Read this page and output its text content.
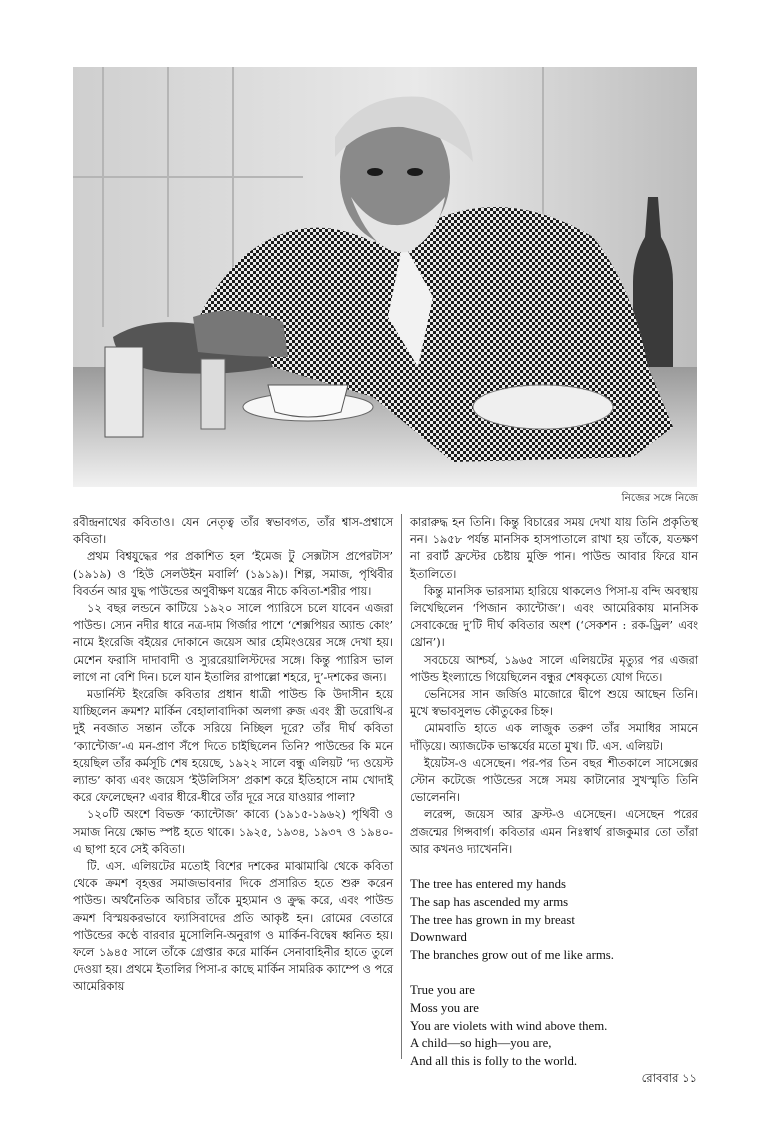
নিজের সঙ্গে নিজে

রবীন্দ্রনাথের কবিতাও। যেন নেতৃত্ব তাঁর স্বভাবগত, তাঁর শ্বাস-প্রশ্বাসে কবিতা।

প্রথম বিশ্বযুদ্ধের পর প্রকাশিত হল ‘ইমেজ টু সেক্সটাস প্রপেরটাস’ (১৯১৯) ও ‘হিউ সেলউইন মবার্লি’ (১৯১৯)। শিল্প, সমাজ, পৃথিবীর বিবর্তন আর যুদ্ধ পাউন্ডের অণুবীক্ষণ যন্ত্রের নীচে কবিতা-শরীর পায়।

১২ বছর লন্ডনে কাটিয়ে ১৯২০ সালে প্যারিসে চলে যাবেন এজরা পাউন্ড। স্যেন নদীর ধারে নত্র-দাম গির্জার পাশে ‘শেক্সপিয়র অ্যান্ড কোং’ নামে ইংরেজি বইয়ের দোকানে জয়েস আর হেমিংওয়ের সঙ্গে দেখা হয়। মেশেন ফরাসি দাদাবাদী ও স্যুররেয়ালিস্টদের সঙ্গে। কিন্তু প্যারিস ভাল লাগে না বেশি দিন। চলে যান ইতালির রাপাল্লো শহরে, দু’-দশকের জন্য।

মডার্নিস্ট ইংরেজি কবিতার প্রধান ধাত্রী পাউন্ড কি উদাসীন হয়ে যাচ্ছিলেন ক্রমশ? মার্কিন বেহালাবাদিকা অলগা রুজ এবং স্ত্রী ডরোথি-র দুই নবজাত সন্তান তাঁকে সরিয়ে নিচ্ছিল দূরে? তাঁর দীর্ঘ কবিতা ‘ক্যান্টোজ’-এ মন-প্রাণ সঁপে দিতে চাইছিলেন তিনি? পাউন্ডের কি মনে হয়েছিল তাঁর কর্মসূচি শেষ হয়েছে, ১৯২২ সালে বন্ধু এলিয়ট ‘দ্য ওয়েস্ট ল্যান্ড’ কাব্য এবং জয়েস ‘ইউলিসিস’ প্রকাশ করে ইতিহাসে নাম খোদাই করে ফেলেছেন? এবার ধীরে-ধীরে তাঁর দূরে সরে যাওয়ার পালা?

১২০টি অংশে বিভক্ত ‘ক্যান্টোজ’ কাব্যে (১৯১৫-১৯৬২) পৃথিবী ও সমাজ নিয়ে ক্ষোভ স্পষ্ট হতে থাকে। ১৯২৫, ১৯৩৪, ১৯৩৭ ও ১৯৪০-এ ছাপা হবে সেই কবিতা।

টি. এস. এলিয়টের মতোই বিশের দশকের মাঝামাঝি থেকে কবিতা থেকে ক্রমশ বৃহত্তর সমাজভাবনার দিকে প্রসারিত হতে শুরু করেন পাউন্ড। অর্থনৈতিক অবিচার তাঁকে মুহ্যমান ও ক্রুদ্ধ করে, এবং পাউন্ড ক্রমশ বিস্ময়করভাবে ফ্যাসিবাদের প্রতি আকৃষ্ট হন। রোমের বেতারে পাউন্ডের কণ্ঠে বারবার মুসোলিনি-অনুরাগ ও মার্কিন-বিদ্বেষ ধ্বনিত হয়। ফলে ১৯৪৫ সালে তাঁকে গ্রেপ্তার করে মার্কিন সেনাবাহিনীর হাতে তুলে দেওয়া হয়। প্রথমে ইতালির পিসা-র কাছে মার্কিন সামরিক ক্যাম্পে ও পরে আমেরিকায়

কারারুদ্ধ হন তিনি। কিন্তু বিচারের সময় দেখা যায় তিনি প্রকৃতিস্থ নন। ১৯৫৮ পর্যন্ত মানসিক হাসপাতালে রাখা হয় তাঁকে, যতক্ষণ না রবার্ট ফ্রস্টের চেষ্টায় মুক্তি পান। পাউন্ড আবার ফিরে যান ইতালিতে।

কিন্তু মানসিক ভারসাম্য হারিয়ে থাকলেও পিসা-য় বন্দি অবস্থায় লিখেছিলেন ‘পিজান ক্যান্টোজ’। এবং আমেরিকায় মানসিক সেবাকেন্দ্রে দু’টি দীর্ঘ কবিতার অংশ (‘সেকশন : রক-ড্রিল’ এবং থ্রোন’)।

সবচেয়ে আশ্চর্য, ১৯৬৫ সালে এলিয়টের মৃত্যুর পর এজরা পাউন্ড ইংল্যান্ডে গিয়েছিলেন বন্ধুর শেষকৃত্যে যোগ দিতে।

ভেনিসের সান জর্জিও মাজোরে দ্বীপে শুয়ে আছেন তিনি। মুখে স্বভাবসুলভ কৌতুকের চিহ্ন।

মোমবাতি হাতে এক লাজুক তরুণ তাঁর সমাধির সামনে দাঁড়িয়ে। অ্যাজটেক ভাস্কর্যের মতো মুখ। টি. এস. এলিয়ট।

ইয়েটস-ও এসেছেন। পর-পর তিন বছর শীতকালে সাসেক্সের স্টোন কটেজে পাউন্ডের সঙ্গে সময় কাটানোর সুখস্মৃতি তিনি ভোলেননি।

লরেন্স, জয়েস আর ফ্রস্ট-ও এসেছেন। এসেছেন পরের প্রজন্মের গিন্সবার্গ। কবিতার এমন নিঃস্বার্থ রাজকুমার তো তাঁরা আর কখনও দ্যাখেননি।

The tree has entered my hands
The sap has ascended my arms
The tree has grown in my breast
Downward
The branches grow out of me like arms.
True you are
Moss you are
You are violets with wind above them.
A child—so high—you are,
And all this is folly to the world.
রোববার ১১
